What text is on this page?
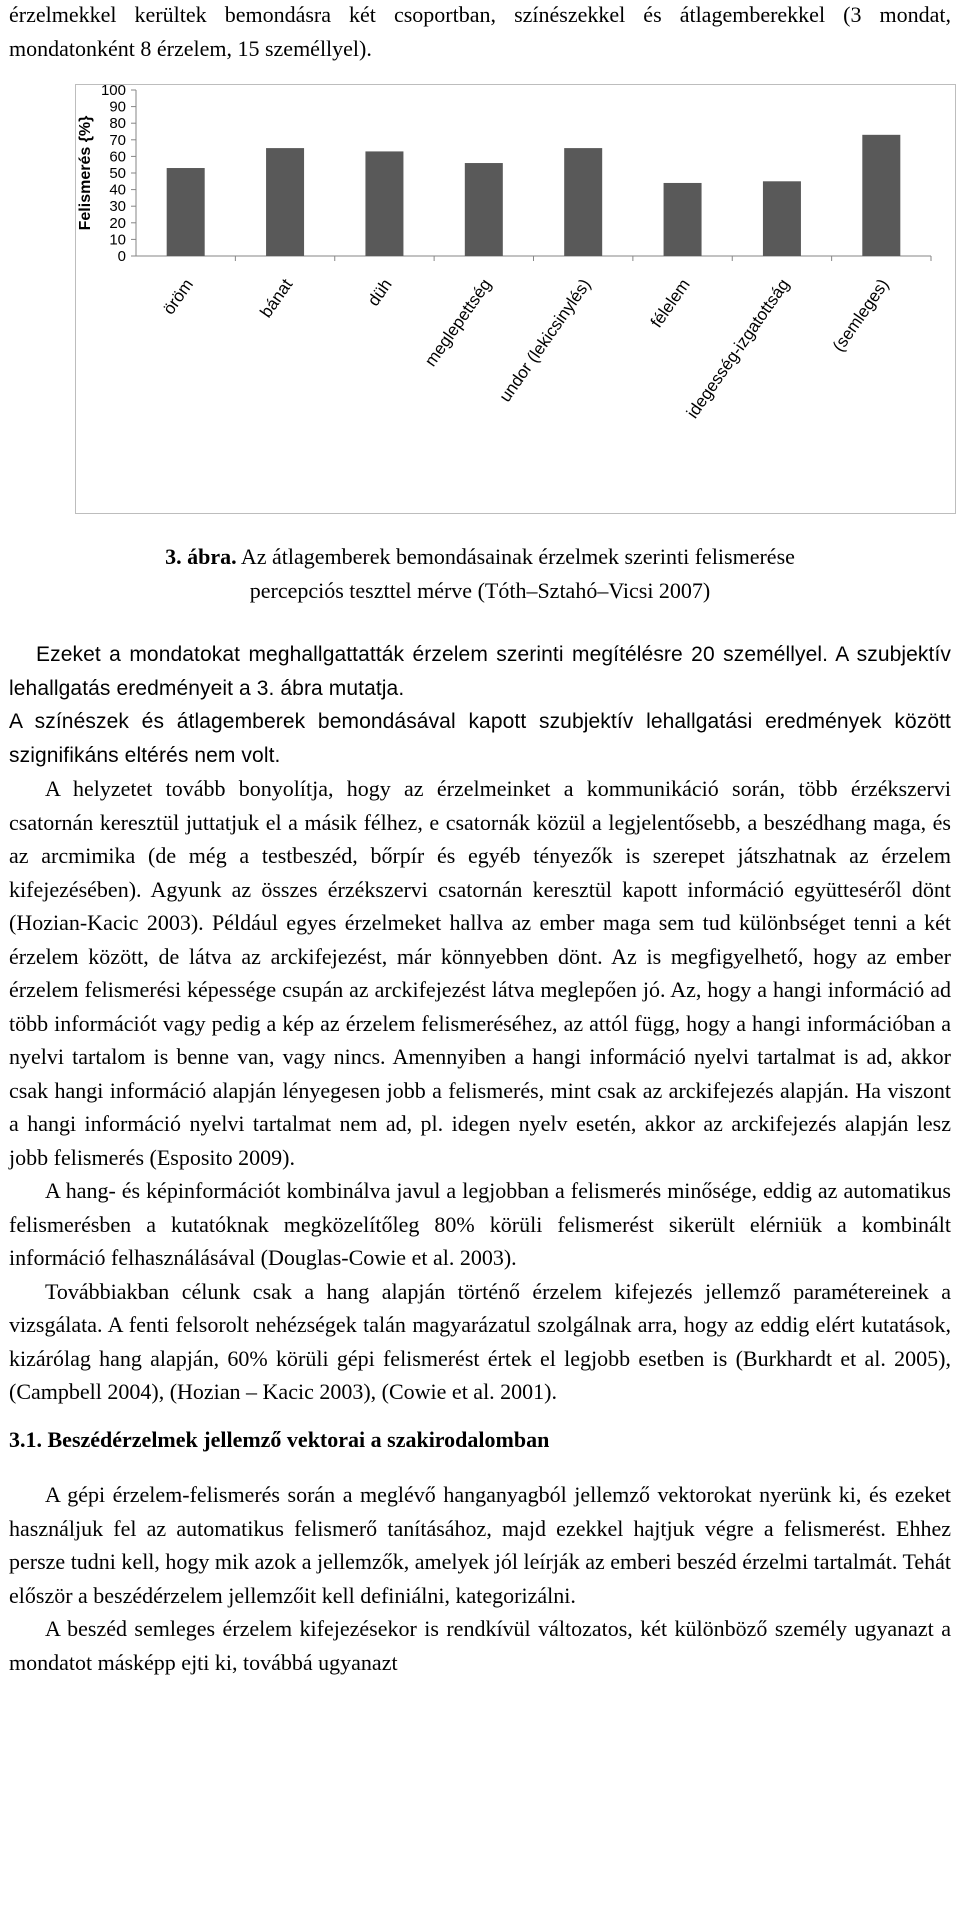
érzelmekkel kerültek bemondásra két csoportban, színészekkel és átlagemberekkel (3 mondat, mondatonként 8 érzelem, 15 személlyel).

0
10
20
30
40
50
60
70
80
90
100
Felismerés {%}
öröm	bánat	düh meglepettség undor (lekicsinylés)	félelem
idegesség-izgatottság (semleges)
3. ábra. Az átlagemberek bemondásainak érzelmek szerinti felismerése
percepciós teszttel mérve (Tóth–Sztahó–Vicsi 2007)

Ezeket a mondatokat meghallgattatták érzelem szerinti megítélésre 20 személlyel. A szubjektív lehallgatás eredményeit a 3. ábra mutatja.

A színészek és átlagemberek bemondásával kapott szubjektív lehallgatási eredmények között szignifikáns eltérés nem volt.

A helyzetet tovább bonyolítja, hogy az érzelmeinket a kommunikáció során, több érzékszervi csatornán keresztül juttatjuk el a másik félhez, e csatornák közül a legjelentősebb, a beszédhang maga, és az arcmimika (de még a testbeszéd, bőrpír és egyéb tényezők is szerepet játszhatnak az érzelem kifejezésében). Agyunk az összes érzékszervi csatornán keresztül kapott információ együtteséről dönt (Hozian-Kacic 2003). Például egyes érzelmeket hallva az ember maga sem tud különbséget tenni a két érzelem között, de látva az arckifejezést, már könnyebben dönt. Az is megfigyelhető, hogy az ember érzelem felismerési képessége csupán az arckifejezést látva meglepően jó. Az, hogy a hangi információ ad több információt vagy pedig a kép az érzelem felismeréséhez, az attól függ, hogy a hangi információban a nyelvi tartalom is benne van, vagy nincs. Amennyiben a hangi információ nyelvi tartalmat is ad, akkor csak hangi információ alapján lényegesen jobb a felismerés, mint csak az arckifejezés alapján. Ha viszont a hangi információ nyelvi tartalmat nem ad, pl. idegen nyelv esetén, akkor az arckifejezés alapján lesz jobb felismerés (Esposito 2009).

A hang- és képinformációt kombinálva javul a legjobban a felismerés minősége, eddig az automatikus felismerésben a kutatóknak megközelítőleg 80% körüli felismerést sikerült elérniük a kombinált információ felhasználásával (Douglas-Cowie et al. 2003).

Továbbiakban célunk csak a hang alapján történő érzelem kifejezés jellemző paramétereinek a vizsgálata. A fenti felsorolt nehézségek talán magyarázatul szolgálnak arra, hogy az eddig elért kutatások, kizárólag hang alapján, 60% körüli gépi felismerést értek el legjobb esetben is (Burkhardt et al. 2005), (Campbell 2004), (Hozian – Kacic 2003), (Cowie et al. 2001).

3.1. Beszédérzelmek jellemző vektorai a szakirodalomban

A gépi érzelem-felismerés során a meglévő hanganyagból jellemző vektorokat nyerünk ki, és ezeket használjuk fel az automatikus felismerő tanításához, majd ezekkel hajtjuk végre a felismerést. Ehhez persze tudni kell, hogy mik azok a jellemzők, amelyek jól leírják az emberi beszéd érzelmi tartalmát. Tehát először a beszédérzelem jellemzőit kell definiálni, kategorizálni.

A beszéd semleges érzelem kifejezésekor is rendkívül változatos, két különböző személy ugyanazt a mondatot másképp ejti ki, továbbá ugyanazt
